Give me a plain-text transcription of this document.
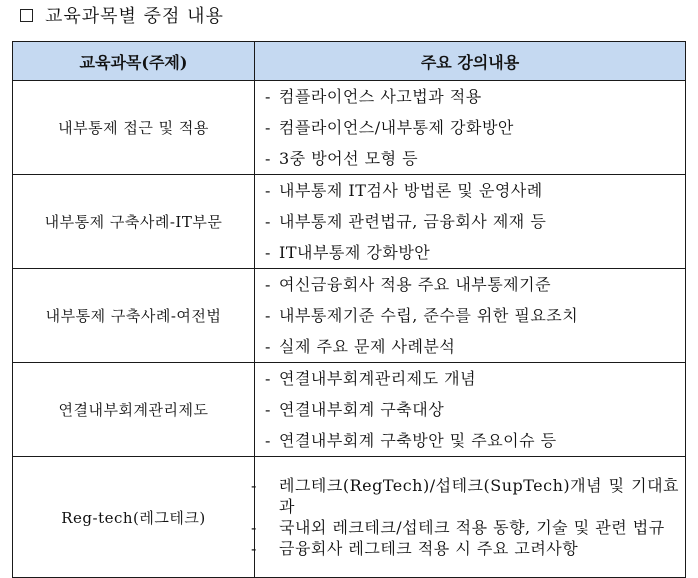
교육과목별 중점 내용
교육과목(주제)	주요 강의내용
내부통제 접근 및 적용	- 컴플라이언스 사고법과 적용
- 컴플라이언스/내부통제 강화방안
- 3중 방어선 모형 등

내부통제 구축사례-IT부문	- 내부통제 IT검사 방법론 및 운영사례
- 내부통제 관련법규, 금융회사 제재 등
- IT내부통제 강화방안

내부통제 구축사례-여전법	- 여신금융회사 적용 주요 내부통제기준
- 내부통제기준 수립, 준수를 위한 필요조치
- 실제 주요 문제 사례분석

연결내부회계관리제도	- 연결내부회계관리제도 개념
- 연결내부회계 구축대상
- 연결내부회계 구축방안 및 주요이슈 등

Reg-tech(레그테크)	- 레그테크(RegTech)/섭테크(SupTech)개념 및 기대효과
- 국내외 레크테크/섭테크 적용 동향, 기술 및 관련 법규
- 금융회사 레그테크 적용 시 주요 고려사항
